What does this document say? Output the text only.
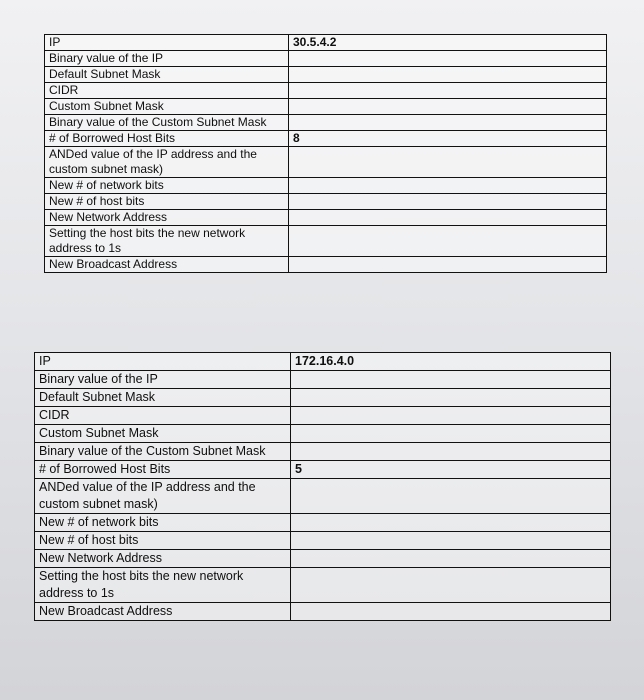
IP	30.5.4.2
Binary value of the IP	
Default Subnet Mask	
CIDR	
Custom Subnet Mask	
Binary value of the Custom Subnet Mask	
# of Borrowed Host Bits	8
ANDed value of the IP address and the custom subnet mask)	
New # of network bits	
New # of host bits	
New Network Address	
Setting the host bits the new network address to 1s	
New Broadcast Address	
IP	172.16.4.0
Binary value of the IP	
Default Subnet Mask	
CIDR	
Custom Subnet Mask	
Binary value of the Custom Subnet Mask	
# of Borrowed Host Bits	5
ANDed value of the IP address and the custom subnet mask)	
New # of network bits	
New # of host bits	
New Network Address	
Setting the host bits the new network address to 1s	
New Broadcast Address	
